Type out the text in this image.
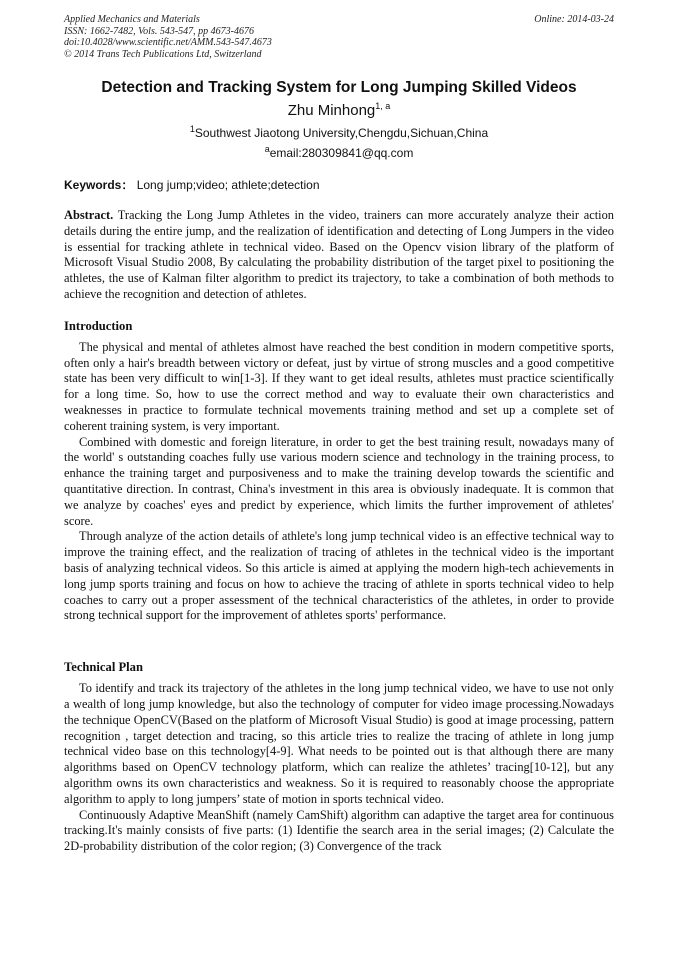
Applied Mechanics and Materials
ISSN: 1662-7482, Vols. 543-547, pp 4673-4676
doi:10.4028/www.scientific.net/AMM.543-547.4673
© 2014 Trans Tech Publications Ltd, Switzerland
Online: 2014-03-24
Detection and Tracking System for Long Jumping Skilled Videos
Zhu Minhong$^{1, a}$
$^1$Southwest Jiaotong University,Chengdu,Sichuan,China
$^a$email:280309841@qq.com
Keywords： Long jump;video; athlete;detection
Abstract. Tracking the Long Jump Athletes in the video, trainers can more accurately analyze their action details during the entire jump, and the realization of identification and detecting of Long Jumpers in the video is essential for tracking athlete in technical video. Based on the Opencv vision library of the platform of Microsoft Visual Studio 2008, By calculating the probability distribution of the target pixel to positioning the athletes, the use of Kalman filter algorithm to predict its trajectory, to take a combination of both methods to achieve the recognition and detection of athletes.
Introduction

The physical and mental of athletes almost have reached the best condition in modern competitive sports, often only a hair's breadth between victory or defeat, just by virtue of strong muscles and a good competitive state has been very difficult to win[1-3]. If they want to get ideal results, athletes must practice scientifically for a long time. So, how to use the correct method and way to evaluate their own characteristics and weaknesses in practice to formulate technical movements training method and set up a complete set of coherent training system, is very important.

Combined with domestic and foreign literature, in order to get the best training result, nowadays many of the world' s outstanding coaches fully use various modern science and technology in the training process, to enhance the training target and purposiveness and to make the training develop towards the scientific and quantitative direction. In contrast, China's investment in this area is obviously inadequate. It is common that we analyze by coaches' eyes and predict by experience, which limits the further improvement of athletes' score.

Through analyze of the action details of athlete's long jump technical video is an effective technical way to improve the training effect, and the realization of tracing of athletes in the technical video is the important basis of analyzing technical videos. So this article is aimed at applying the modern high-tech achievements in long jump sports training and focus on how to achieve the tracing of athlete in sports technical video to help coaches to carry out a proper assessment of the technical characteristics of the athletes, in order to provide strong technical support for the improvement of athletes sports' performance.

Technical Plan

To identify and track its trajectory of the athletes in the long jump technical video, we have to use not only a wealth of long jump knowledge, but also the technology of computer for video image processing.Nowadays the technique OpenCV(Based on the platform of Microsoft Visual Studio) is good at image processing, pattern recognition , target detection and tracing, so this article tries to realize the tracing of athlete in long jump technical video base on this technology[4-9]. What needs to be pointed out is that although there are many algorithms based on OpenCV technology platform, which can realize the athletes’ tracing[10-12], but any algorithm owns its own characteristics and weakness. So it is required to reasonably choose the appropriate algorithm to apply to long jumpers’ state of motion in sports technical video.

Continuously Adaptive MeanShift (namely CamShift) algorithm can adaptive the target area for continuous tracking.It's mainly consists of five parts: (1) Identifie the search area in the serial images; (2) Calculate the 2D-probability distribution of the color region; (3) Convergence of the track
